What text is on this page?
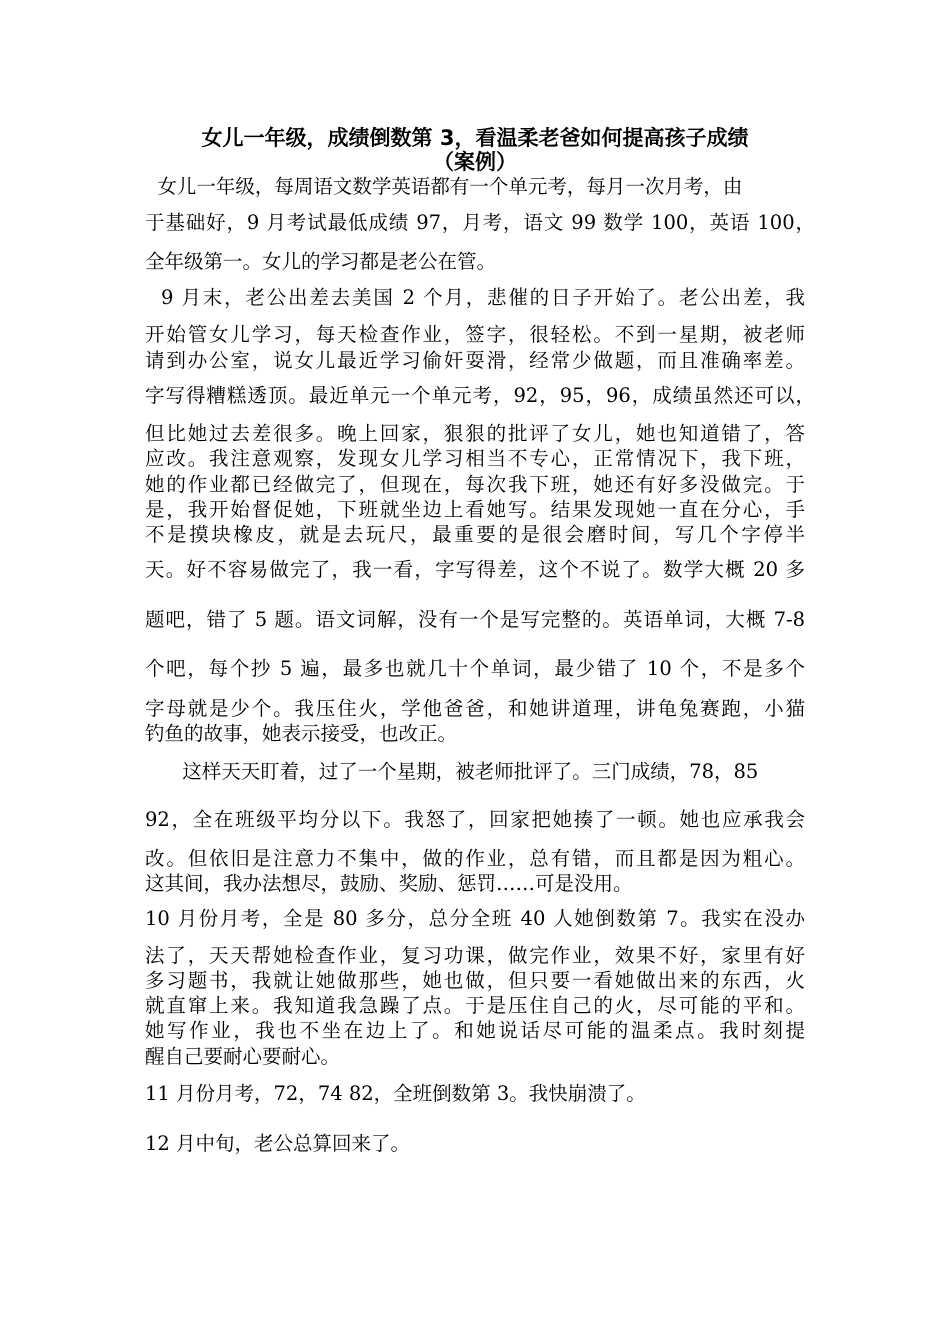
女儿一年级，成绩倒数第 3，看温柔老爸如何提高孩子成绩
（案例）

女儿一年级，每周语文数学英语都有一个单元考，每月一次月考，由

于基础好，9 月考试最低成绩 97，月考，语文 99 数学 100，英语 100，

全年级第一。女儿的学习都是老公在管。

9 月末，老公出差去美国 2 个月，悲催的日子开始了。老公出差，我

开始管女儿学习，每天检查作业，签字，很轻松。不到一星期，被老师

请到办公室，说女儿最近学习偷奸耍滑，经常少做题，而且准确率差。

字写得糟糕透顶。最近单元一个单元考，92，95，96，成绩虽然还可以，

但比她过去差很多。晚上回家，狠狠的批评了女儿，她也知道错了，答

应改。我注意观察，发现女儿学习相当不专心，正常情况下，我下班，

她的作业都已经做完了，但现在，每次我下班，她还有好多没做完。于

是，我开始督促她，下班就坐边上看她写。结果发现她一直在分心，手

不是摸块橡皮，就是去玩尺，最重要的是很会磨时间，写几个字停半

天。好不容易做完了，我一看，字写得差，这个不说了。数学大概 20 多

题吧，错了 5 题。语文词解，没有一个是写完整的。英语单词，大概 7-8

个吧，每个抄 5 遍，最多也就几十个单词，最少错了 10 个，不是多个

字母就是少个。我压住火，学他爸爸，和她讲道理，讲龟兔赛跑，小猫

钓鱼的故事，她表示接受，也改正。

这样天天盯着，过了一个星期，被老师批评了。三门成绩，78，85

92，全在班级平均分以下。我怒了，回家把她揍了一顿。她也应承我会

改。但依旧是注意力不集中，做的作业，总有错，而且都是因为粗心。

这其间，我办法想尽，鼓励、奖励、惩罚……可是没用。

10 月份月考，全是 80 多分，总分全班 40 人她倒数第 7。我实在没办

法了，天天帮她检查作业，复习功课，做完作业，效果不好，家里有好

多习题书，我就让她做那些，她也做，但只要一看她做出来的东西，火

就直窜上来。我知道我急躁了点。于是压住自己的火，尽可能的平和。

她写作业，我也不坐在边上了。和她说话尽可能的温柔点。我时刻提

醒自己要耐心要耐心。

11 月份月考，72，74 82，全班倒数第 3。我快崩溃了。

12 月中旬，老公总算回来了。
